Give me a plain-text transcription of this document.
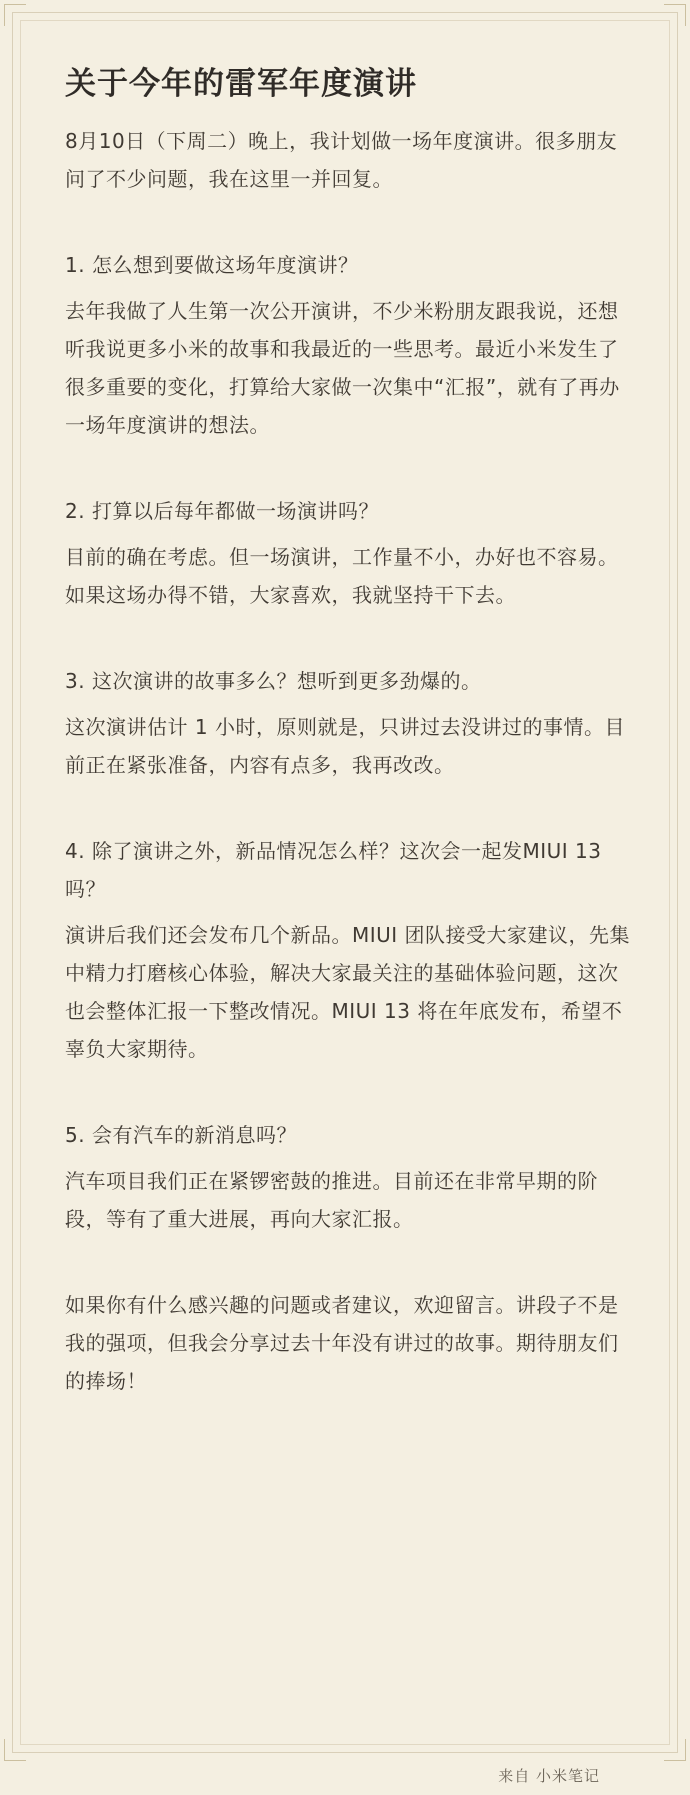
关于今年的雷军年度演讲

8月10日（下周二）晚上，我计划做一场年度演讲。很多朋友问了不少问题，我在这里一并回复。

1. 怎么想到要做这场年度演讲？

去年我做了人生第一次公开演讲，不少米粉朋友跟我说，还想听我说更多小米的故事和我最近的一些思考。最近小米发生了很多重要的变化，打算给大家做一次集中“汇报”，就有了再办一场年度演讲的想法。

2. 打算以后每年都做一场演讲吗？

目前的确在考虑。但一场演讲，工作量不小，办好也不容易。如果这场办得不错，大家喜欢，我就坚持干下去。

3. 这次演讲的故事多么？想听到更多劲爆的。

这次演讲估计 1 小时，原则就是，只讲过去没讲过的事情。目前正在紧张准备，内容有点多，我再改改。

4. 除了演讲之外，新品情况怎么样？这次会一起发MIUI 13吗？

演讲后我们还会发布几个新品。MIUI 团队接受大家建议，先集中精力打磨核心体验，解决大家最关注的基础体验问题，这次也会整体汇报一下整改情况。MIUI 13 将在年底发布，希望不辜负大家期待。

5. 会有汽车的新消息吗？

汽车项目我们正在紧锣密鼓的推进。目前还在非常早期的阶段，等有了重大进展，再向大家汇报。

如果你有什么感兴趣的问题或者建议，欢迎留言。讲段子不是我的强项，但我会分享过去十年没有讲过的故事。期待朋友们的捧场！

来自 小米笔记
